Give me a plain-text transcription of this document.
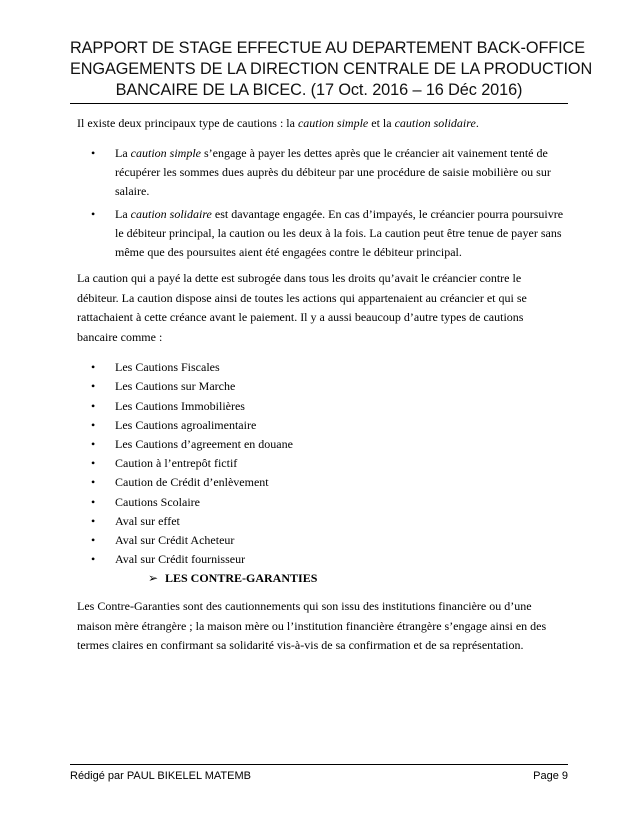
RAPPORT DE STAGE EFFECTUE AU DEPARTEMENT BACK-OFFICE
ENGAGEMENTS DE LA DIRECTION CENTRALE DE LA PRODUCTION
BANCAIRE DE LA BICEC. (17 Oct. 2016 – 16 Déc 2016)

Il existe deux principaux type de cautions : la caution simple et la caution solidaire.

• La caution simple s’engage à payer les dettes après que le créancier ait vainement tenté de récupérer les sommes dues auprès du débiteur par une procédure de saisie mobilière ou sur salaire.
• La caution solidaire est davantage engagée. En cas d’impayés, le créancier pourra poursuivre le débiteur principal, la caution ou les deux à la fois. La caution peut être tenue de payer sans même que des poursuites aient été engagées contre le débiteur principal.

La caution qui a payé la dette est subrogée dans tous les droits qu’avait le créancier contre le débiteur. La caution dispose ainsi de toutes les actions qui appartenaient au créancier et qui se rattachaient à cette créance avant le paiement. Il y a aussi beaucoup d’autre types de cautions bancaire comme :

• Les Cautions Fiscales
• Les Cautions sur Marche
• Les Cautions Immobilières
• Les Cautions agroalimentaire
• Les Cautions d’agreement en douane
• Caution à l’entrepôt fictif
• Caution de Crédit d’enlèvement
• Cautions Scolaire
• Aval sur effet
• Aval sur Crédit Acheteur
• Aval sur Crédit fournisseur

➢ LES CONTRE-GARANTIES

Les Contre-Garanties sont des cautionnements qui son issu des institutions financière ou d’une maison mère étrangère ; la maison mère ou l’institution financière étrangère s’engage ainsi en des termes claires en confirmant sa solidarité vis-à-vis de sa confirmation et de sa représentation.

Rédigé par PAUL BIKELEL MATEMB	Page 9
